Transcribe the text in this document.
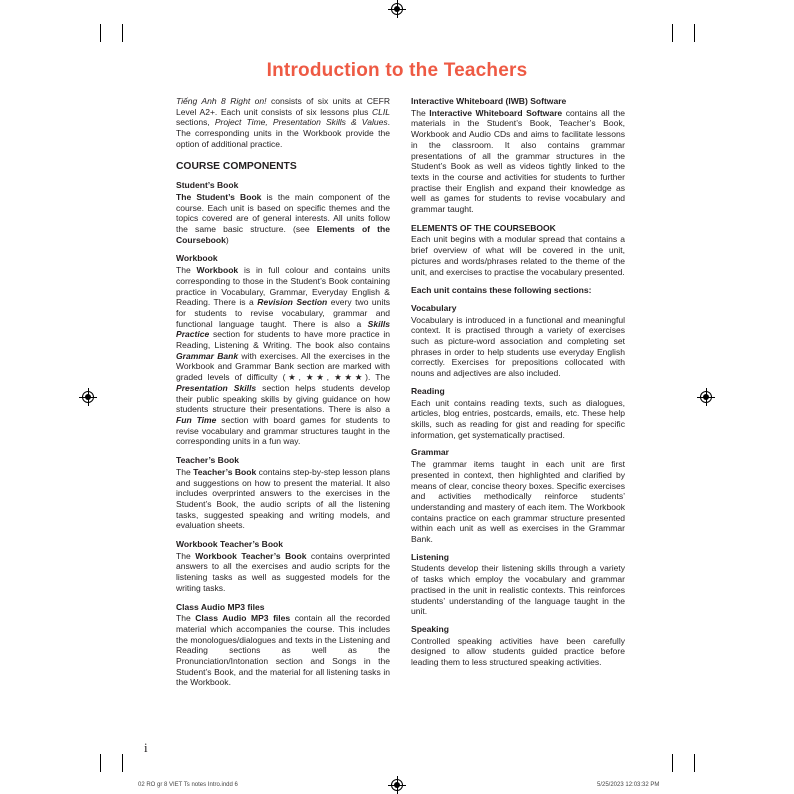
Introduction to the Teachers

Tiếng Anh 8 Right on! consists of six units at CEFR Level A2+. Each unit consists of six lessons plus CLIL sections, Project Time, Presentation Skills & Values. The corresponding units in the Workbook provide the option of additional practice.

COURSE COMPONENTS
Student’s Book

The Student’s Book is the main component of the course. Each unit is based on specific themes and the topics covered are of general interests. All units follow the same basic structure. (see Elements of the Coursebook)

Workbook

The Workbook is in full colour and contains units corresponding to those in the Student’s Book containing practice in Vocabulary, Grammar, Everyday English & Reading. There is a Revision Section every two units for students to revise vocabulary, grammar and functional language taught. There is also a Skills Practice section for students to have more practice in Reading, Listening & Writing. The book also contains Grammar Bank with exercises. All the exercises in the Workbook and Grammar Bank section are marked with graded levels of difficulty (★, ★★, ★★★). The Presentation Skills section helps students develop their public speaking skills by giving guidance on how students structure their presentations. There is also a Fun Time section with board games for students to revise vocabulary and grammar structures taught in the corresponding units in a fun way.

Teacher’s Book

The Teacher’s Book contains step-by-step lesson plans and suggestions on how to present the material. It also includes overprinted answers to the exercises in the Student’s Book, the audio scripts of all the listening tasks, suggested speaking and writing models, and evaluation sheets.

Workbook Teacher’s Book

The Workbook Teacher’s Book contains overprinted answers to all the exercises and audio scripts for the listening tasks as well as suggested models for the writing tasks.

Class Audio MP3 files

The Class Audio MP3 files contain all the recorded material which accompanies the course. This includes the monologues/dialogues and texts in the Listening and Reading sections as well as the Pronunciation/Intonation section and Songs in the Student’s Book, and the material for all listening tasks in the Workbook.

Interactive Whiteboard (IWB) Software

The Interactive Whiteboard Software contains all the materials in the Student’s Book, Teacher’s Book, Workbook and Audio CDs and aims to facilitate lessons in the classroom. It also contains grammar presentations of all the grammar structures in the Student’s Book as well as videos tightly linked to the texts in the course and activities for students to further practise their English and expand their knowledge as well as games for students to revise vocabulary and grammar taught.

ELEMENTS OF THE COURSEBOOK

Each unit begins with a modular spread that contains a brief overview of what will be covered in the unit, pictures and words/phrases related to the theme of the unit, and exercises to practise the vocabulary presented.

Each unit contains these following sections:
Vocabulary

Vocabulary is introduced in a functional and meaningful context. It is practised through a variety of exercises such as picture-word association and completing set phrases in order to help students use everyday English correctly. Exercises for prepositions collocated with nouns and adjectives are also included.

Reading

Each unit contains reading texts, such as dialogues, articles, blog entries, postcards, emails, etc. These help skills, such as reading for gist and reading for specific information, get systematically practised.

Grammar

The grammar items taught in each unit are first presented in context, then highlighted and clarified by means of clear, concise theory boxes. Specific exercises and activities methodically reinforce students’ understanding and mastery of each item. The Workbook contains practice on each grammar structure presented within each unit as well as exercises in the Grammar Bank.

Listening

Students develop their listening skills through a variety of tasks which employ the vocabulary and grammar practised in the unit in realistic contexts. This reinforces students’ understanding of the language taught in the unit.

Speaking

Controlled speaking activities have been carefully designed to allow students guided practice before leading them to less structured speaking activities.

i
02 RO gr 8 VIET Ts notes Intro.indd 6	5/25/2023 12:03:32 PM
